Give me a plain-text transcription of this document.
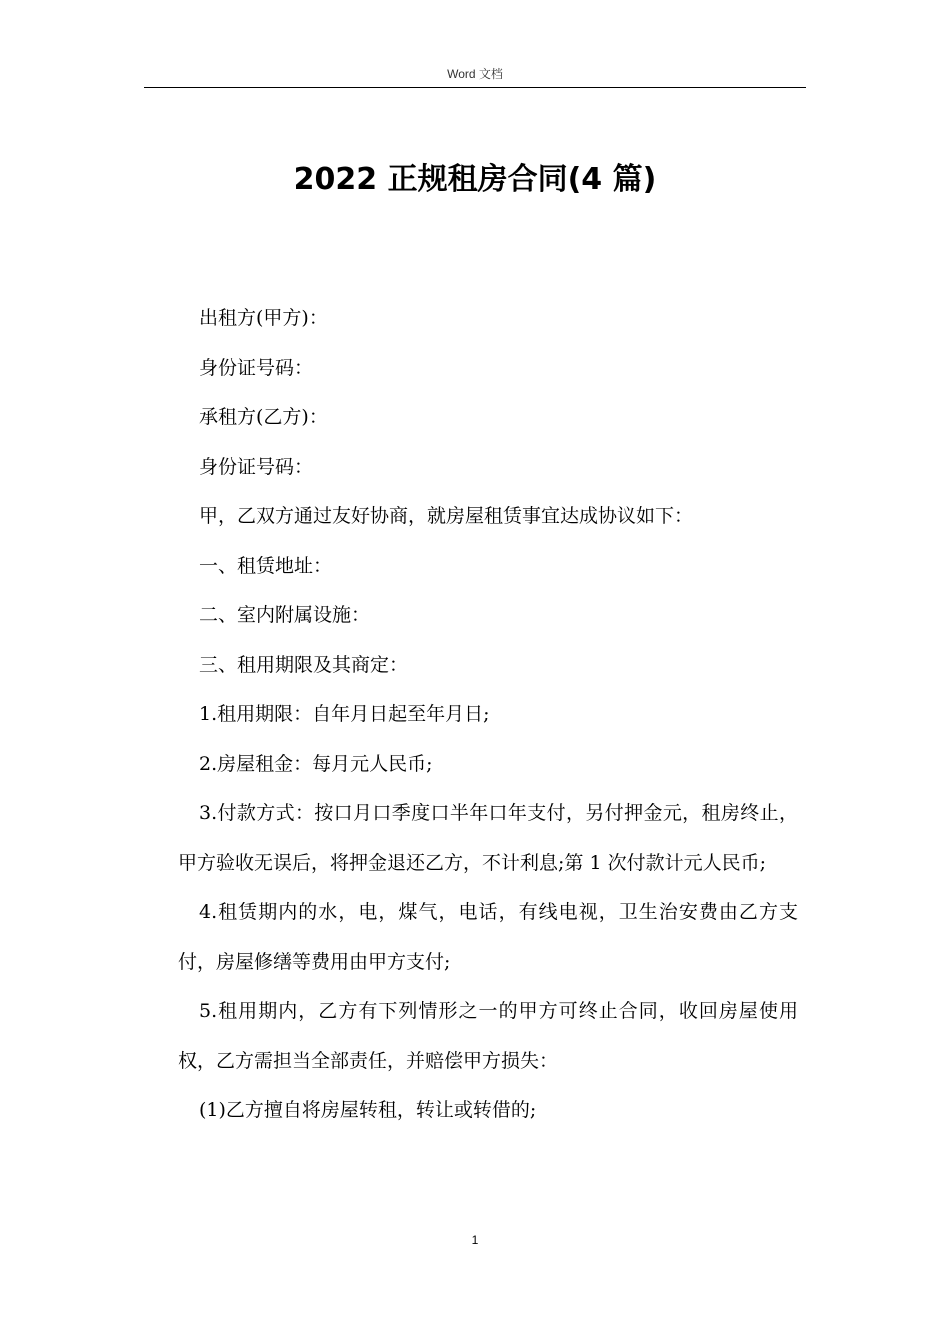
Word 文档
2022 正规租房合同(4 篇)

出租方(甲方)：

身份证号码：

承租方(乙方)：

身份证号码：

甲，乙双方通过友好协商，就房屋租赁事宜达成协议如下：

一、租赁地址：

二、室内附属设施：

三、租用期限及其商定：

1.租用期限：自年月日起至年月日;

2.房屋租金：每月元人民币;

3.付款方式：按口月口季度口半年口年支付，另付押金元，租房终止，甲方验收无误后，将押金退还乙方，不计利息;第 1 次付款计元人民币;

4.租赁期内的水，电，煤气，电话，有线电视，卫生治安费由乙方支付，房屋修缮等费用由甲方支付;

5.租用期内，乙方有下列情形之一的甲方可终止合同，收回房屋使用权，乙方需担当全部责任，并赔偿甲方损失：

(1)乙方擅自将房屋转租，转让或转借的;

1
